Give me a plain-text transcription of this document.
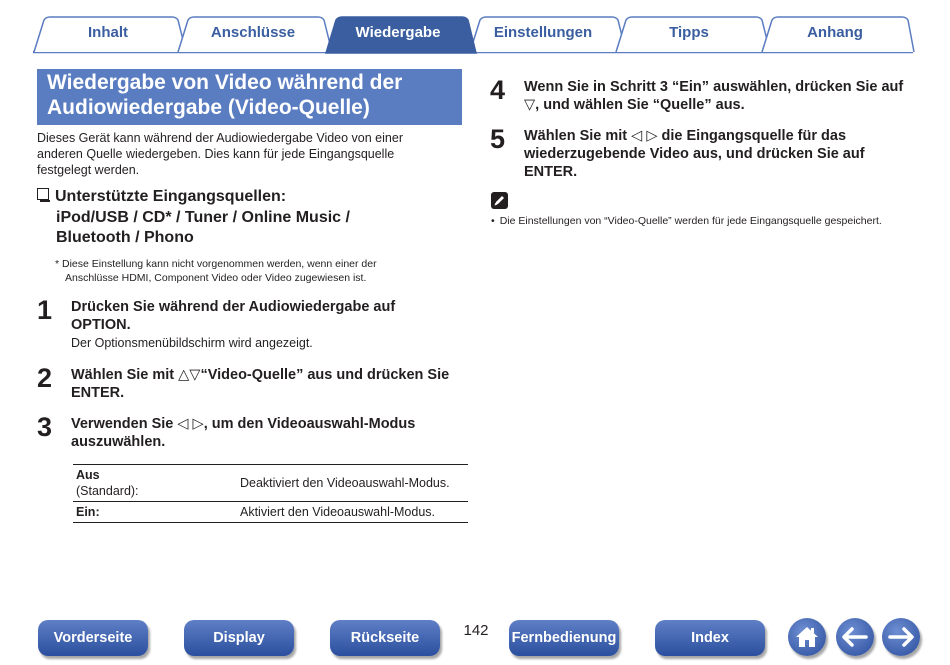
Inhalt	Anschlüsse	Wiedergabe	Einstellungen	Tipps	Anhang
Wiedergabe von Video während der
Audiowiedergabe (Video-Quelle)
Dieses Gerät kann während der Audiowiedergabe Video von einer
anderen Quelle wiedergeben. Dies kann für jede Eingangsquelle
festgelegt werden.
Unterstützte Eingangsquellen:
iPod/USB / CD* / Tuner / Online Music /
Bluetooth / Phono
* Diese Einstellung kann nicht vorgenommen werden, wenn einer der
Anschlüsse HDMI, Component Video oder Video zugewiesen ist.
1 Drücken Sie während der Audiowiedergabe auf
OPTION.
Der Optionsmenübildschirm wird angezeigt.
2 Wählen Sie mit △▽“Video-Quelle” aus und drücken Sie
ENTER.
3 Verwenden Sie ◁ ▷, um den Videoauswahl-Modus
auszuwählen.
Aus
(Standard):	Deaktiviert den Videoauswahl-Modus.
Ein:	Aktiviert den Videoauswahl-Modus.
4 Wenn Sie in Schritt 3 “Ein” auswählen, drücken Sie auf
▽, und wählen Sie “Quelle” aus.
5 Wählen Sie mit ◁ ▷ die Eingangsquelle für das
wiederzugebende Video aus, und drücken Sie auf
ENTER.
• Die Einstellungen von “Video-Quelle” werden für jede Eingangsquelle gespeichert.
Vorderseite	Display	Rückseite	142	Fernbedienung	Index
